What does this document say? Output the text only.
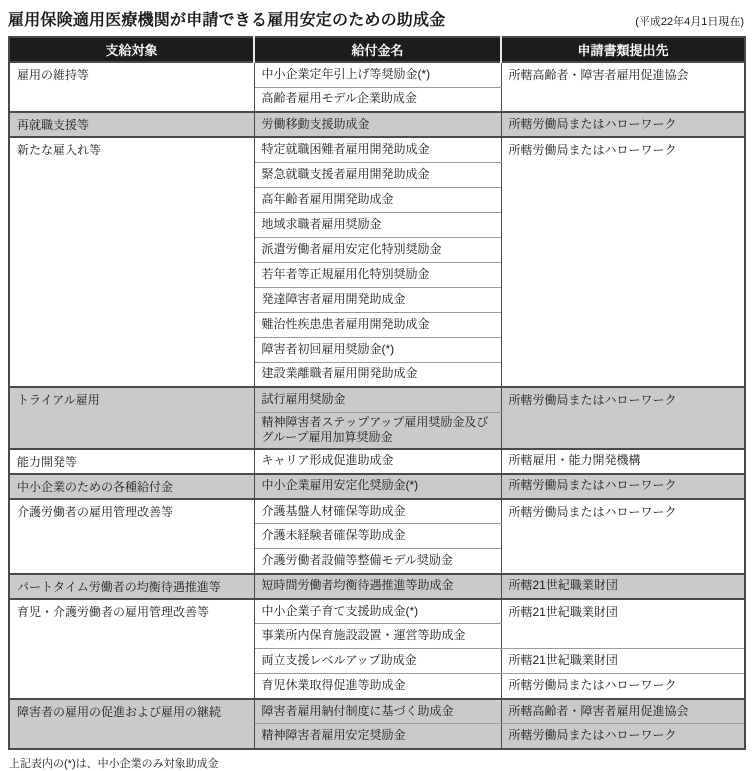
雇用保険適用医療機関が申請できる雇用安定のための助成金	(平成22年4月1日現在)
支給対象	給付金名	申請書類提出先
雇用の維持等	中小企業定年引上げ等奨励金(*)	所轄高齢者・障害者雇用促進協会
	高齢者雇用モデル企業助成金	
再就職支援等	労働移動支援助成金	所轄労働局またはハローワーク
新たな雇入れ等	特定就職困難者雇用開発助成金	所轄労働局またはハローワーク
	緊急就職支援者雇用開発助成金	
	高年齢者雇用開発助成金	
	地域求職者雇用奨励金	
	派遣労働者雇用安定化特別奨励金	
	若年者等正規雇用化特別奨励金	
	発達障害者雇用開発助成金	
	難治性疾患患者雇用開発助成金	
	障害者初回雇用奨励金(*)	
	建設業離職者雇用開発助成金	
トライアル雇用	試行雇用奨励金	所轄労働局またはハローワーク
	精神障害者ステップアップ雇用奨励金及びグループ雇用加算奨励金	
能力開発等	キャリア形成促進助成金	所轄雇用・能力開発機構
中小企業のための各種給付金	中小企業雇用安定化奨励金(*)	所轄労働局またはハローワーク
介護労働者の雇用管理改善等	介護基盤人材確保等助成金	所轄労働局またはハローワーク
	介護未経験者確保等助成金	
	介護労働者設備等整備モデル奨励金	
パートタイム労働者の均衡待遇推進等	短時間労働者均衡待遇推進等助成金	所轄21世紀職業財団
育児・介護労働者の雇用管理改善等	中小企業子育て支援助成金(*)	所轄21世紀職業財団
	事業所内保育施設設置・運営等助成金	
	両立支援レベルアップ助成金	所轄21世紀職業財団
	育児休業取得促進等助成金	所轄労働局またはハローワーク
障害者の雇用の促進および雇用の継続	障害者雇用納付制度に基づく助成金	所轄高齢者・障害者雇用促進協会
	精神障害者雇用安定奨励金	所轄労働局またはハローワーク
上記表内の(*)は、中小企業のみ対象助成金
